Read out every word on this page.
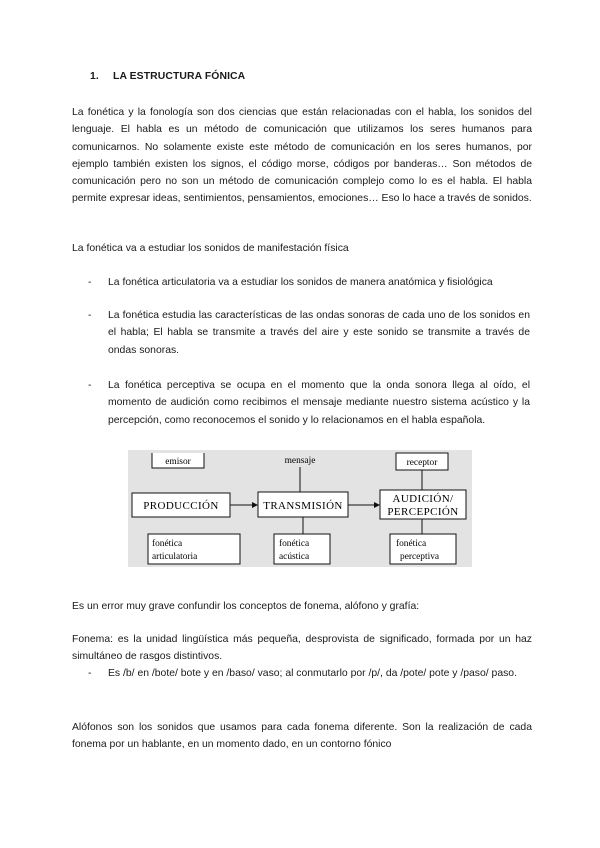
1. LA ESTRUCTURA FÓNICA
La fonética y la fonología son dos ciencias que están relacionadas con el habla, los sonidos del lenguaje. El habla es un método de comunicación que utilizamos los seres humanos para comunicarnos. No solamente existe este método de comunicación en los seres humanos, por ejemplo también existen los signos, el código morse, códigos por banderas… Son métodos de comunicación pero no son un método de comunicación complejo como lo es el habla. El habla permite expresar ideas, sentimientos, pensamientos, emociones… Eso lo hace a través de sonidos.
La fonética va a estudiar los sonidos de manifestación física
- La fonética articulatoria va a estudiar los sonidos de manera anatómica y fisiológica
- La fonética estudia las características de las ondas sonoras de cada uno de los sonidos en el habla; El habla se transmite a través del aire y este sonido se transmite a través de ondas sonoras.
- La fonética perceptiva se ocupa en el momento que la onda sonora llega al oído, el momento de audición como recibimos el mensaje mediante nuestro sistema acústico y la percepción, como reconocemos el sonido y lo relacionamos en el habla española.
emisor	mensaje	receptor
PRODUCCIÓN	TRANSMISIÓN
AUDICIÓN/
PERCEPCIÓN
fonética
articulatoria
fonética
acústica
fonética
perceptiva
Es un error muy grave confundir los conceptos de fonema, alófono y grafía:
Fonema: es la unidad lingüística más pequeña, desprovista de significado, formada por un haz simultáneo de rasgos distintivos.
- Es /b/ en /bote/ bote y en /baso/ vaso; al conmutarlo por /p/, da /pote/ pote y /paso/ paso.
Alófonos son los sonidos que usamos para cada fonema diferente. Son la realización de cada fonema por un hablante, en un momento dado, en un contorno fónico
